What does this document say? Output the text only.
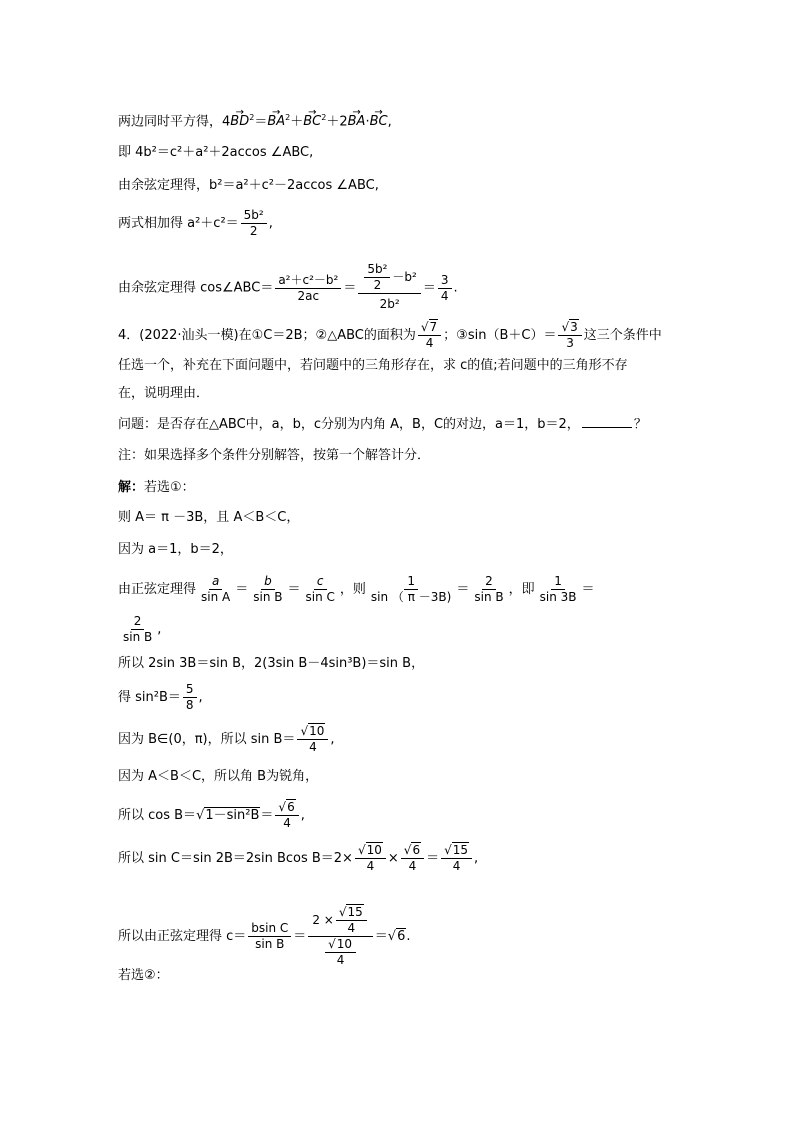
两边同时平方得，$4\to BD^2=\to BA^2+\to BC^2+2\to BA\cdot\to$ BC,
即 4b²＝c²＋a²＋2accos ∠ABC,
由余弦定理得，b²＝a²＋c²－2accos ∠ABC,
两式相加得 $a^2+c^2= \frac{\text{5b²}}{2}$ ,
由余弦定理得 cos∠ABC＝ $\frac{\text{a²＋c²－b²}}{2ac} = \frac{\frac{\text{5b²}}{2} -b^2}{\text{2b²}} = \frac{3}{4}$ .
4．(2022·汕头一模)在①C＝2B；②△ABC的面积为 $\frac{√7}{4}$ ；③sin（B＋C）＝ $\frac{√3}{3}$ 这三个条件中
任选一个，补充在下面问题中，若问题中的三角形存在，求 c的值;若问题中的三角形不存
在，说明理由．
问题：是否存在△ABC中，a，b，c分别为内角 A，B，C的对边，a＝1，b＝2，	？
注：如果选择多个条件分别解答，按第一个解答计分．
解：若选①：
则 A＝ π －3B，且 A＜B＜C，
因为 a＝1，b＝2，
由正弦定理得 $\frac{a}{\text{sin A}} = \frac{b}{\text{sin B}} = \frac{c}{\text{sin C}}$ ，则 $\frac{1}{\sin ( \pi -3B)} = \frac{2}{\text{sin B}}$ ，即 $\frac{1}{\sin 3B}$ ＝
$\frac{2}{\text{sin B}}$ ,
所以 2sin 3B＝sin B，2(3sin B－4sin³B)＝sin B，
得 $\sin^2B= \frac{5}{8}$ ,
因为 B∈(0，π)，所以 $\sin B= \frac{√10}{4}$ ,
因为 A＜B＜C，所以角 B为锐角，
所以 $\cos B=√1-\sin^2B= \frac{√6}{4}$ ,
所以 sin C＝sin 2B＝2sin Bcos $B=2\times \frac{√10}{4} \times \frac{√6}{4} = \frac{√15}{4}$ ,
所以由正弦定理得 $c= \frac{\text{bsin C}}{\text{sin B}} = \frac{2 \times \frac{√15}{4}}{\frac{√10}{4}} =√6$.
若选②：
